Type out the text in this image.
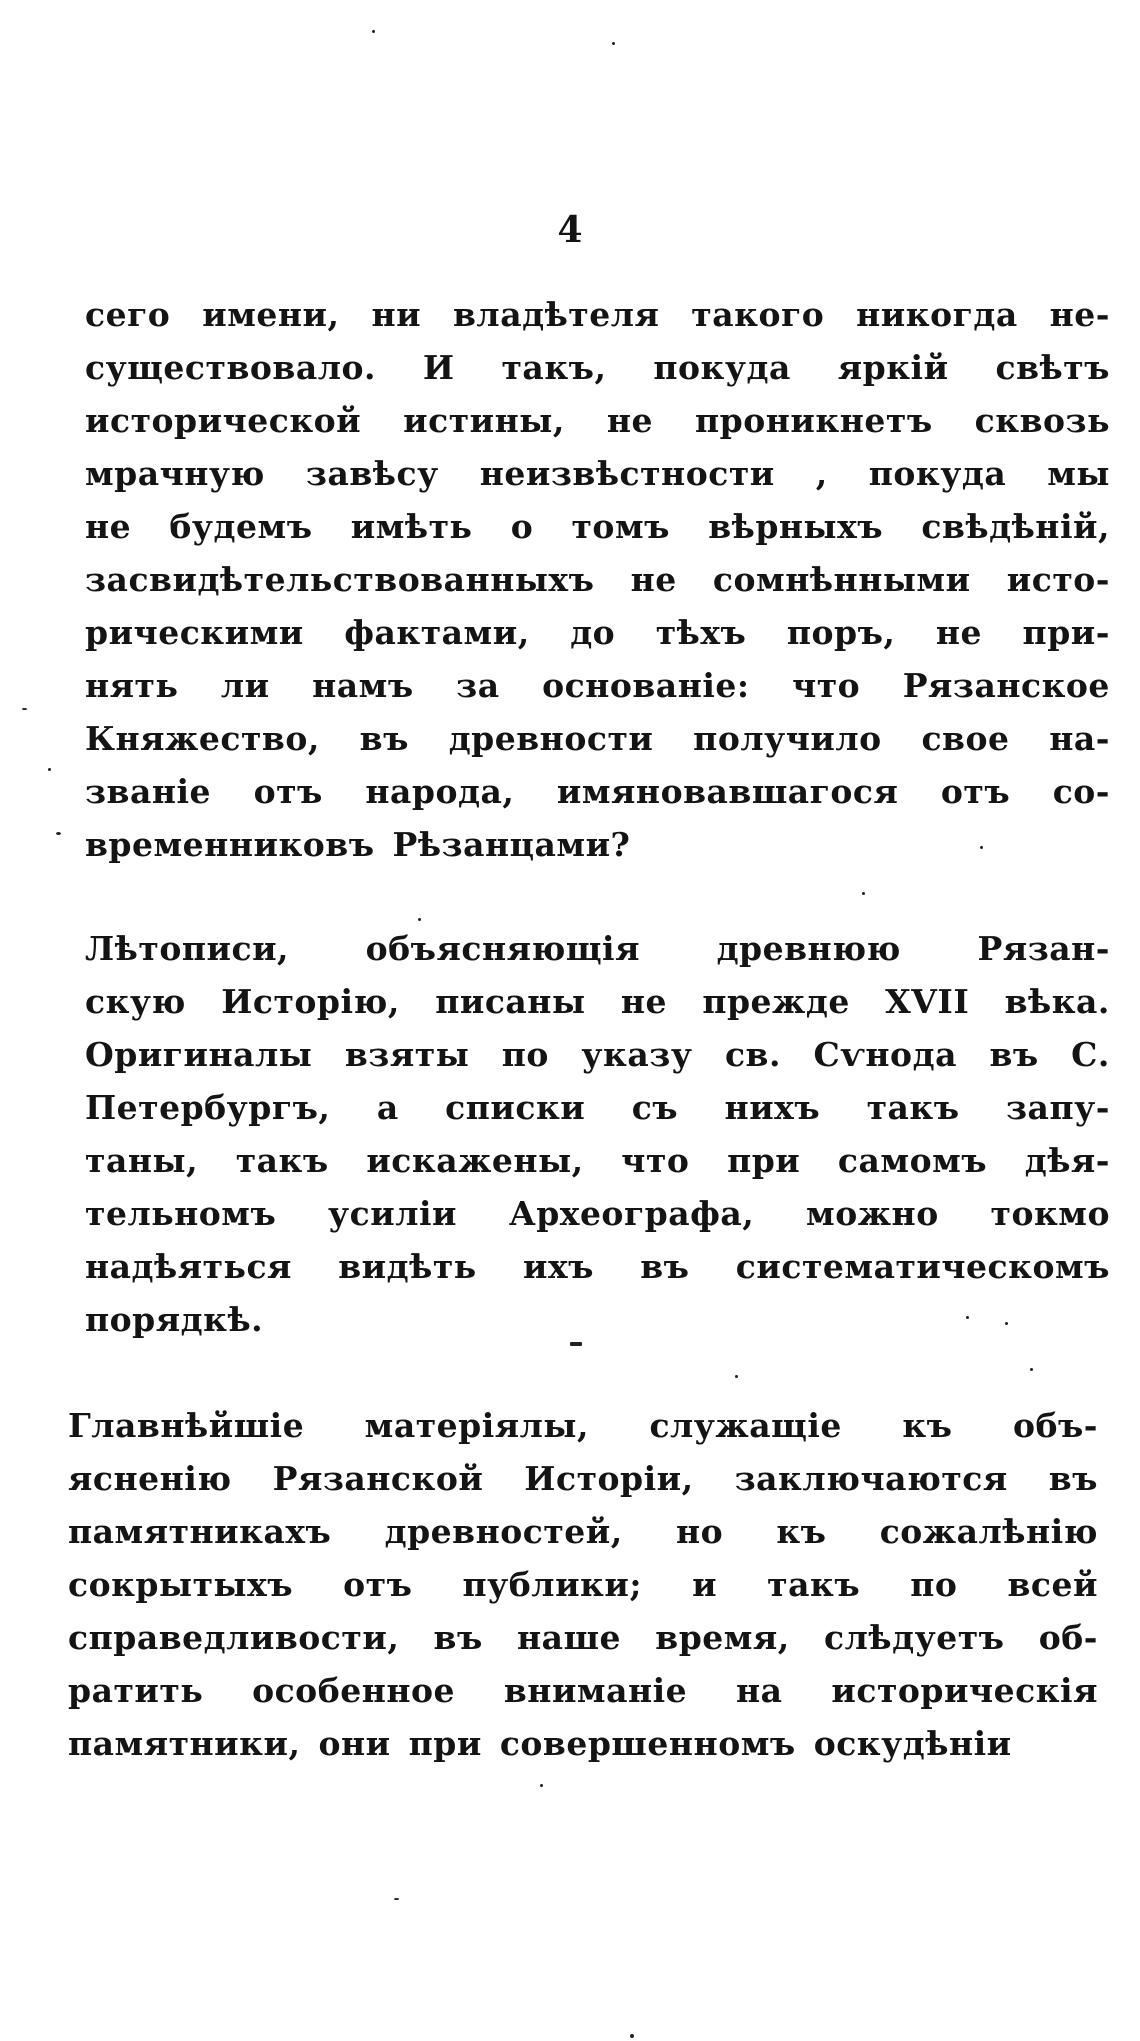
4
сего имени, ни владѣтеля такого никогда не-
существовало. И такъ, покуда яркій свѣтъ
исторической истины, не проникнетъ сквозь
мрачную завѣсу неизвѣстности , покуда мы
не будемъ имѣть о томъ вѣрныхъ свѣдѣній,
засвидѣтельствованныхъ не сомнѣнными исто-
рическими фактами, до тѣхъ поръ, не при-
нять ли намъ за основаніе: что Рязанское
Княжество, въ древности получило свое на-
званіе отъ народа, имяновавшагося отъ со-
временниковъ Рѣзанцами?
Лѣтописи, объясняющія древнюю Рязан-
скую Исторію, писаны не прежде XVII вѣка.
Оригиналы взяты по указу св. Сѵнода въ С.
Петербургъ, а списки съ нихъ такъ запу-
таны, такъ искажены, что при самомъ дѣя-
тельномъ усиліи Археографа, можно токмо
надѣяться видѣть ихъ въ систематическомъ
порядкѣ.
Главнѣйшіе матеріялы, служащіе къ объ-
ясненію Рязанской Исторіи, заключаются въ
памятникахъ древностей, но къ сожалѣнію
сокрытыхъ отъ публики; и такъ по всей
справедливости, въ наше время, слѣдуетъ об-
ратить особенное вниманіе на историческія
памятники, они при совершенномъ оскудѣніи
